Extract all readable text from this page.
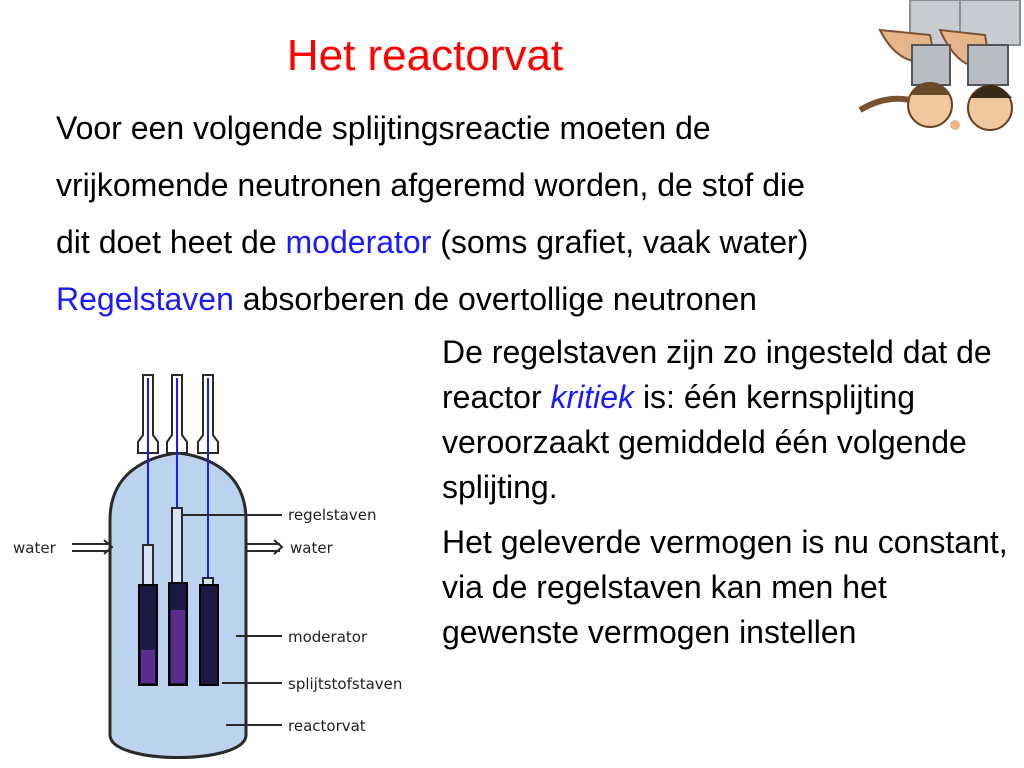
Het reactorvat

Voor een volgende splijtingsreactie moeten de

vrijkomende neutronen afgeremd worden, de stof die

dit doet heet de moderator (soms grafiet, vaak water)

Regelstaven absorberen de overtollige neutronen

De regelstaven zijn zo ingesteld dat de reactor kritiek is: één kernsplijting veroorzaakt gemiddeld één volgende splijting.

Het geleverde vermogen is nu constant, via de regelstaven kan men het gewenste vermogen instellen

water	water
regelstaven
moderator
splijtstofstaven
reactorvat
